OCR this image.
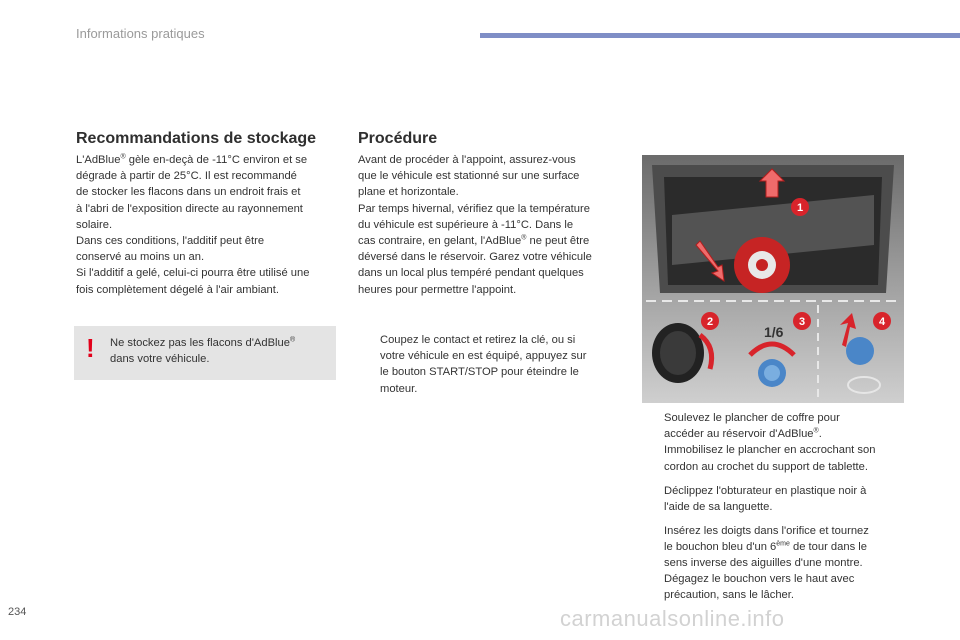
Informations pratiques
Recommandations de stockage
L'AdBlue® gèle en-deçà de -11°C environ et se
dégrade à partir de 25°C. Il est recommandé
de stocker les flacons dans un endroit frais et
à l'abri de l'exposition directe au rayonnement
solaire.
Dans ces conditions, l'additif peut être
conservé au moins un an.
Si l'additif a gelé, celui-ci pourra être utilisé une
fois complètement dégelé à l'air ambiant.
! Ne stockez pas les flacons d'AdBlue®
dans votre véhicule.
Procédure
Avant de procéder à l'appoint, assurez-vous
que le véhicule est stationné sur une surface
plane et horizontale.
Par temps hivernal, vérifiez que la température
du véhicule est supérieure à -11°C. Dans le
cas contraire, en gelant, l'AdBlue® ne peut être
déversé dans le réservoir. Garez votre véhicule
dans un local plus tempéré pendant quelques
heures pour permettre l'appoint.
Coupez le contact et retirez la clé, ou si
votre véhicule en est équipé, appuyez sur
le bouton START/STOP pour éteindre le
moteur.
1
2	3
1/6
4
Soulevez le plancher de coffre pour
accéder au réservoir d'AdBlue®.
Immobilisez le plancher en accrochant son
cordon au crochet du support de tablette.
Déclippez l'obturateur en plastique noir à
l'aide de sa languette.
Insérez les doigts dans l'orifice et tournez
le bouchon bleu d'un 6ème de tour dans le
sens inverse des aiguilles d'une montre.
Dégagez le bouchon vers le haut avec
précaution, sans le lâcher.
234	carmanualsonline.info
